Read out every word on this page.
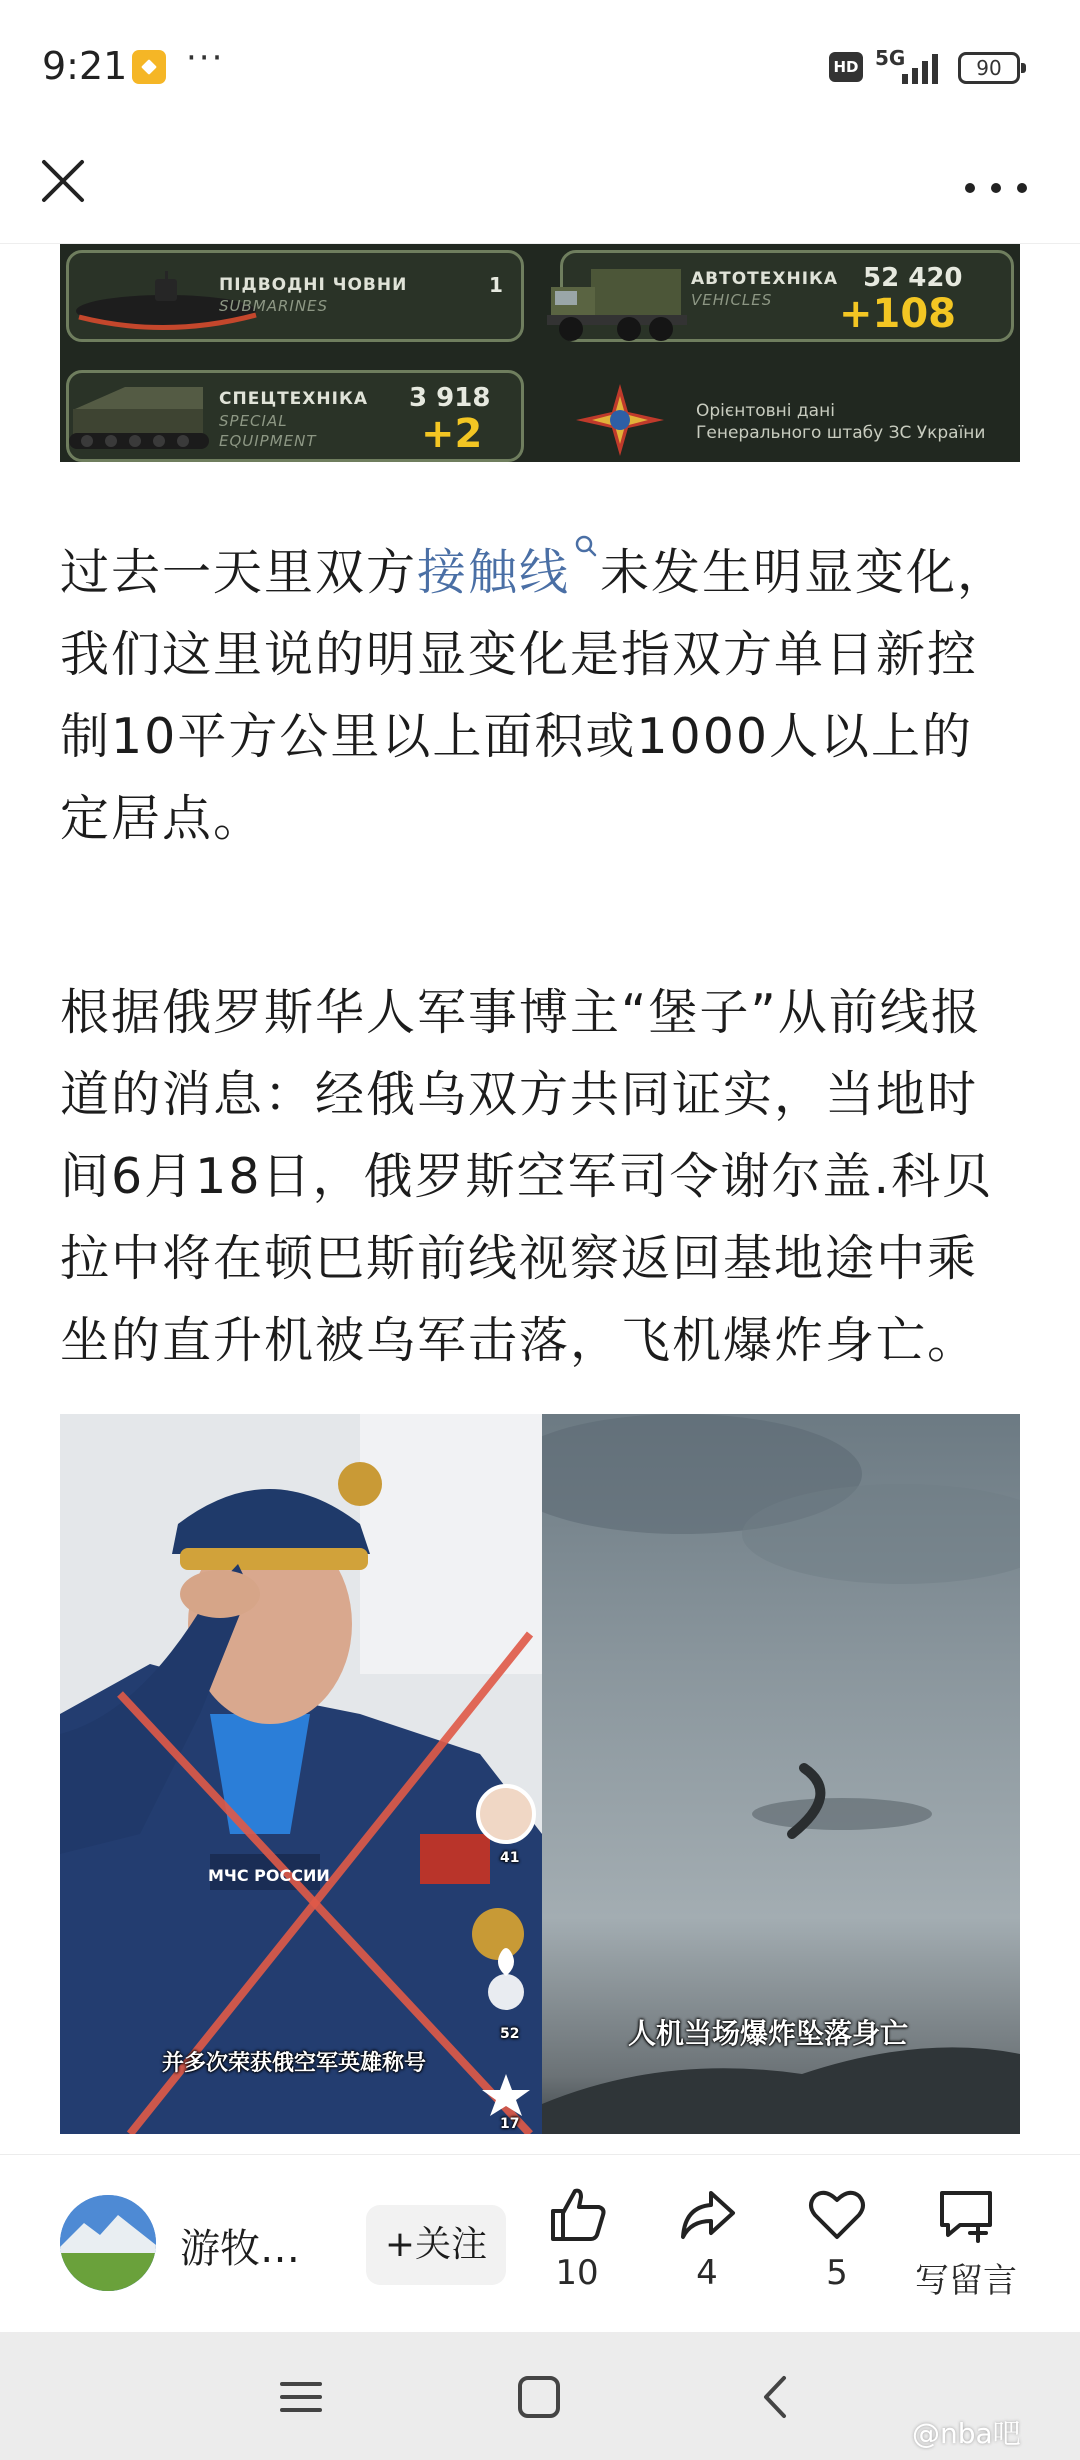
9:21 ···	HD 5G	90
ПІДВОДНІ ЧОВНИ
SUBMARINES
1	АВТОТЕХНІКА
VEHICLES
52 420
+108
СПЕЦТЕХНІКА
SPECIAL EQUIPMENT
3 918
+2	Орієнтовні дані
Генерального штабу ЗС України

过去一天里双方接触线 未发生明显变化，我们这里说的明显变化是指双方单日新控制10平方公里以上面积或1000人以上的定居点。

根据俄罗斯华人军事博主“堡子”从前线报道的消息：经俄乌双方共同证实，当地时间6月18日，俄罗斯空军司令谢尔盖.科贝拉中将在顿巴斯前线视察返回基地途中乘坐的直升机被乌军击落，飞机爆炸身亡。

МЧС РОССИИ
并多次荣获俄空军英雄称号
41
52
17
人机当场爆炸坠落身亡
游牧…	+关注
10	4	5	写留言
@nba吧
